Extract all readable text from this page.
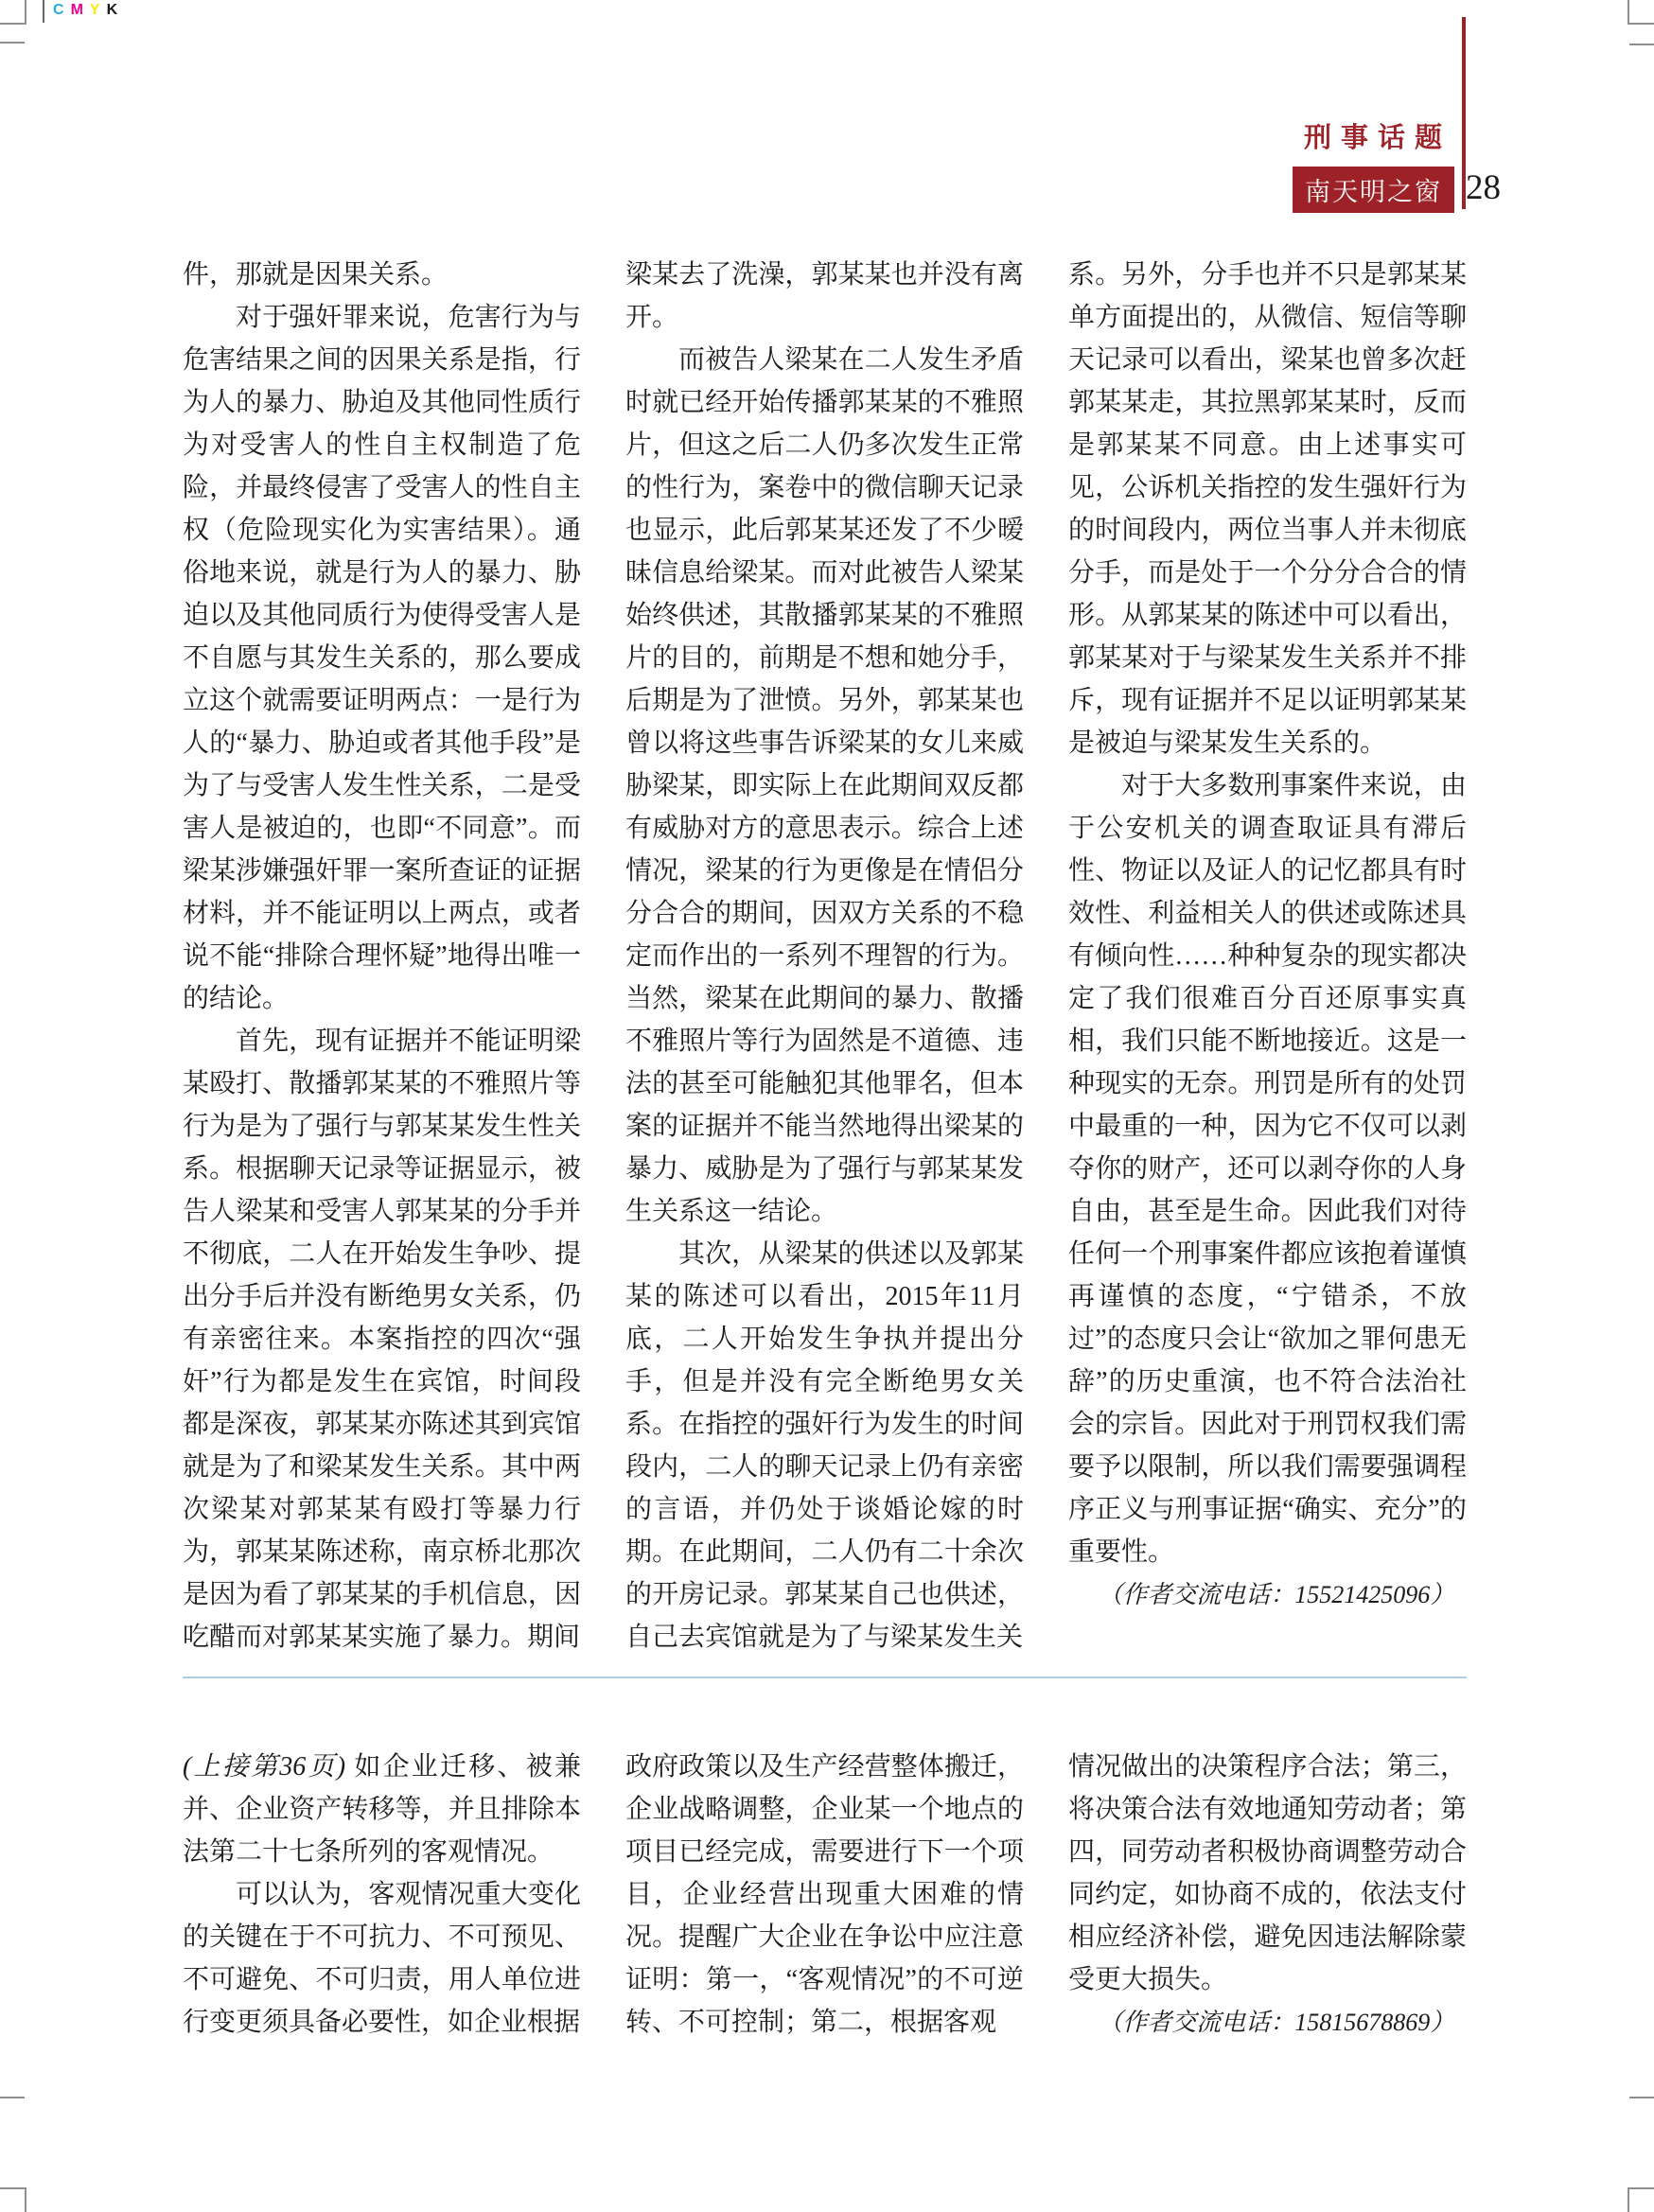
CMYK
刑事话题
南天明之窗 28

件，那就是因果关系。

对于强奸罪来说，危害行为与危害结果之间的因果关系是指，行为人的暴力、胁迫及其他同性质行为对受害人的性自主权制造了危险，并最终侵害了受害人的性自主权（危险现实化为实害结果）。通俗地来说，就是行为人的暴力、胁迫以及其他同质行为使得受害人是不自愿与其发生关系的，那么要成立这个就需要证明两点：一是行为人的“暴力、胁迫或者其他手段”是为了与受害人发生性关系，二是受害人是被迫的，也即“不同意”。而梁某涉嫌强奸罪一案所查证的证据材料，并不能证明以上两点，或者说不能“排除合理怀疑”地得出唯一的结论。

首先，现有证据并不能证明梁某殴打、散播郭某某的不雅照片等行为是为了强行与郭某某发生性关系。根据聊天记录等证据显示，被告人梁某和受害人郭某某的分手并不彻底，二人在开始发生争吵、提出分手后并没有断绝男女关系，仍有亲密往来。本案指控的四次“强奸”行为都是发生在宾馆，时间段都是深夜，郭某某亦陈述其到宾馆就是为了和梁某发生关系。其中两次梁某对郭某某有殴打等暴力行为，郭某某陈述称，南京桥北那次是因为看了郭某某的手机信息，因吃醋而对郭某某实施了暴力。期间

梁某去了洗澡，郭某某也并没有离开。

而被告人梁某在二人发生矛盾时就已经开始传播郭某某的不雅照片，但这之后二人仍多次发生正常的性行为，案卷中的微信聊天记录也显示，此后郭某某还发了不少暧昧信息给梁某。而对此被告人梁某始终供述，其散播郭某某的不雅照片的目的，前期是不想和她分手，后期是为了泄愤。另外，郭某某也曾以将这些事告诉梁某的女儿来威胁梁某，即实际上在此期间双反都有威胁对方的意思表示。综合上述情况，梁某的行为更像是在情侣分分合合的期间，因双方关系的不稳定而作出的一系列不理智的行为。当然，梁某在此期间的暴力、散播不雅照片等行为固然是不道德、违法的甚至可能触犯其他罪名，但本案的证据并不能当然地得出梁某的暴力、威胁是为了强行与郭某某发生关系这一结论。

其次，从梁某的供述以及郭某某的陈述可以看出，2015年11月底，二人开始发生争执并提出分手，但是并没有完全断绝男女关系。在指控的强奸行为发生的时间段内，二人的聊天记录上仍有亲密的言语，并仍处于谈婚论嫁的时期。在此期间，二人仍有二十余次的开房记录。郭某某自己也供述，自己去宾馆就是为了与梁某发生关

系。另外，分手也并不只是郭某某单方面提出的，从微信、短信等聊天记录可以看出，梁某也曾多次赶郭某某走，其拉黑郭某某时，反而是郭某某不同意。由上述事实可见，公诉机关指控的发生强奸行为的时间段内，两位当事人并未彻底分手，而是处于一个分分合合的情形。从郭某某的陈述中可以看出，郭某某对于与梁某发生关系并不排斥，现有证据并不足以证明郭某某是被迫与梁某发生关系的。

对于大多数刑事案件来说，由于公安机关的调查取证具有滞后性、物证以及证人的记忆都具有时效性、利益相关人的供述或陈述具有倾向性……种种复杂的现实都决定了我们很难百分百还原事实真相，我们只能不断地接近。这是一种现实的无奈。刑罚是所有的处罚中最重的一种，因为它不仅可以剥夺你的财产，还可以剥夺你的人身自由，甚至是生命。因此我们对待任何一个刑事案件都应该抱着谨慎再谨慎的态度，“宁错杀，不放过”的态度只会让“欲加之罪何患无辞”的历史重演，也不符合法治社会的宗旨。因此对于刑罚权我们需要予以限制，所以我们需要强调程序正义与刑事证据“确实、充分”的重要性。

（作者交流电话：15521425096）

(上接第36页) 如企业迁移、被兼并、企业资产转移等，并且排除本法第二十七条所列的客观情况。

可以认为，客观情况重大变化的关键在于不可抗力、不可预见、不可避免、不可归责，用人单位进行变更须具备必要性，如企业根据

政府政策以及生产经营整体搬迁，企业战略调整，企业某一个地点的项目已经完成，需要进行下一个项目，企业经营出现重大困难的情况。提醒广大企业在争讼中应注意证明：第一，“客观情况”的不可逆转、不可控制；第二，根据客观

情况做出的决策程序合法；第三，将决策合法有效地通知劳动者；第四，同劳动者积极协商调整劳动合同约定，如协商不成的，依法支付相应经济补偿，避免因违法解除蒙受更大损失。

（作者交流电话：15815678869）
